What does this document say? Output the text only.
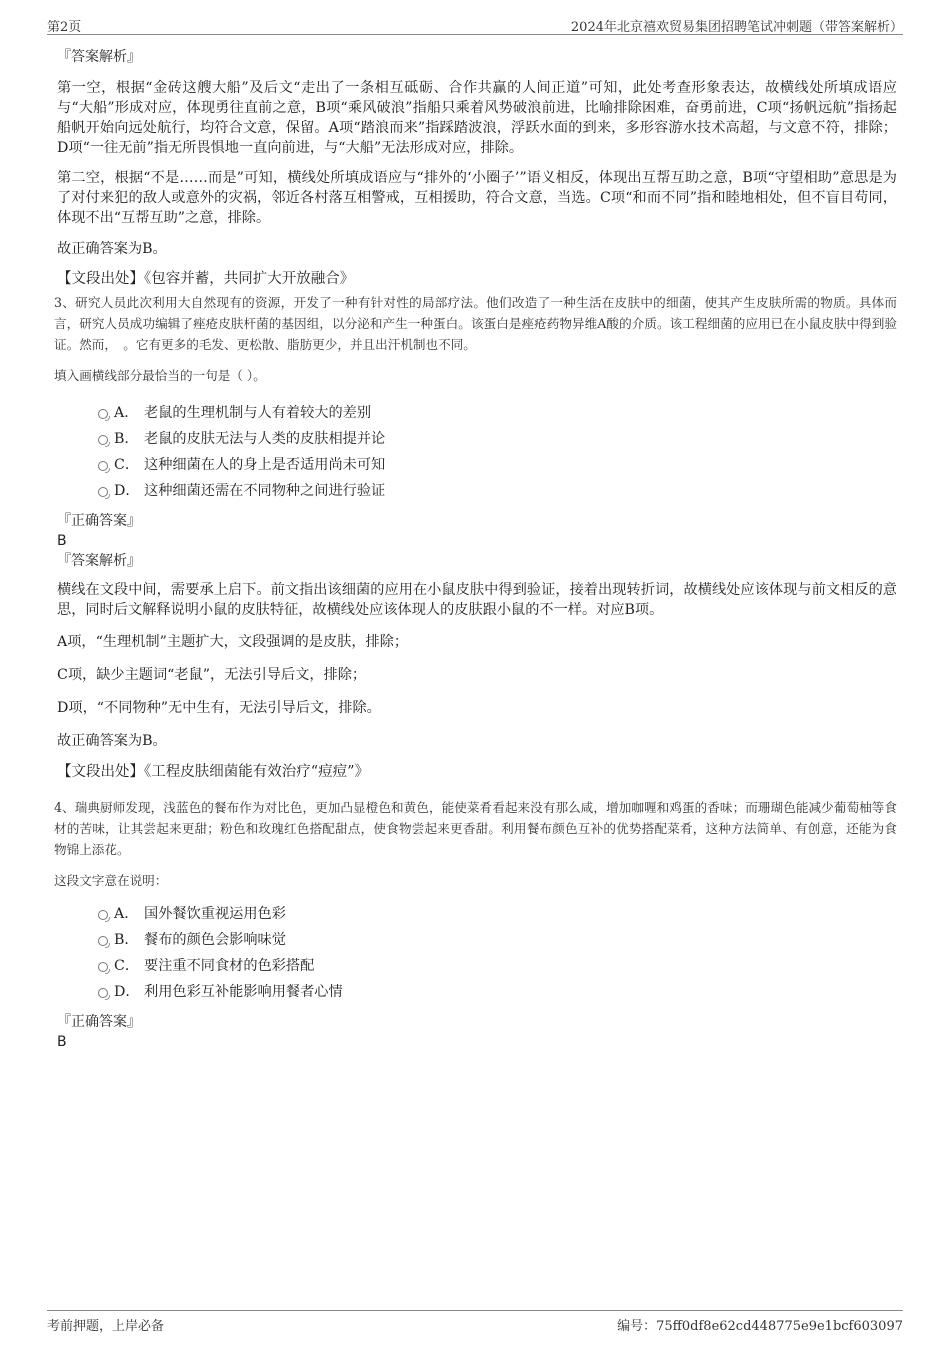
第2页	2024年北京禧欢贸易集团招聘笔试冲刺题（带答案解析）

『答案解析』

第一空，根据“金砖这艘大船”及后文“走出了一条相互砥砺、合作共赢的人间正道”可知，此处考查形象表达，故横线处所填成语应与“大船”形成对应，体现勇往直前之意，B项“乘风破浪”指船只乘着风势破浪前进，比喻排除困难，奋勇前进，C项“扬帆远航”指扬起船帆开始向远处航行，均符合文意，保留。A项“踏浪而来”指踩踏波浪，浮跃水面的到来，多形容游水技术高超，与文意不符，排除；D项“一往无前”指无所畏惧地一直向前进，与“大船”无法形成对应，排除。

第二空，根据“不是……而是”可知，横线处所填成语应与“排外的‘小圈子’”语义相反，体现出互帮互助之意，B项“守望相助”意思是为了对付来犯的敌人或意外的灾祸，邻近各村落互相警戒，互相援助，符合文意，当选。C项“和而不同”指和睦地相处，但不盲目苟同，体现不出“互帮互助”之意，排除。

故正确答案为B。

【文段出处】《包容并蓄，共同扩大开放融合》

3、研究人员此次利用大自然现有的资源，开发了一种有针对性的局部疗法。他们改造了一种生活在皮肤中的细菌，使其产生皮肤所需的物质。具体而言，研究人员成功编辑了痤疮皮肤杆菌的基因组，以分泌和产生一种蛋白。该蛋白是痤疮药物异维A酸的介质。该工程细菌的应用已在小鼠皮肤中得到验证。然而，　。它有更多的毛发、更松散、脂肪更少，并且出汗机制也不同。

填入画横线部分最恰当的一句是（ ）。

A． 老鼠的生理机制与人有着较大的差别
B． 老鼠的皮肤无法与人类的皮肤相提并论
C． 这种细菌在人的身上是否适用尚未可知
D． 这种细菌还需在不同物种之间进行验证

『正确答案』

B

『答案解析』

横线在文段中间，需要承上启下。前文指出该细菌的应用在小鼠皮肤中得到验证，接着出现转折词，故横线处应该体现与前文相反的意思，同时后文解释说明小鼠的皮肤特征，故横线处应该体现人的皮肤跟小鼠的不一样。对应B项。

A项，“生理机制”主题扩大，文段强调的是皮肤，排除；

C项，缺少主题词“老鼠”，无法引导后文，排除；

D项，“不同物种”无中生有，无法引导后文，排除。

故正确答案为B。

【文段出处】《工程皮肤细菌能有效治疗“痘痘”》

4、瑞典厨师发现，浅蓝色的餐布作为对比色，更加凸显橙色和黄色，能使菜肴看起来没有那么咸，增加咖喱和鸡蛋的香味；而珊瑚色能减少葡萄柚等食材的苦味，让其尝起来更甜；粉色和玫瑰红色搭配甜点，使食物尝起来更香甜。利用餐布颜色互补的优势搭配菜肴，这种方法简单、有创意，还能为食物锦上添花。

这段文字意在说明：

A． 国外餐饮重视运用色彩
B． 餐布的颜色会影响味觉
C． 要注重不同食材的色彩搭配
D． 利用色彩互补能影响用餐者心情

『正确答案』

B

考前押题，上岸必备	编号：75ff0df8e62cd448775e9e1bcf603097
